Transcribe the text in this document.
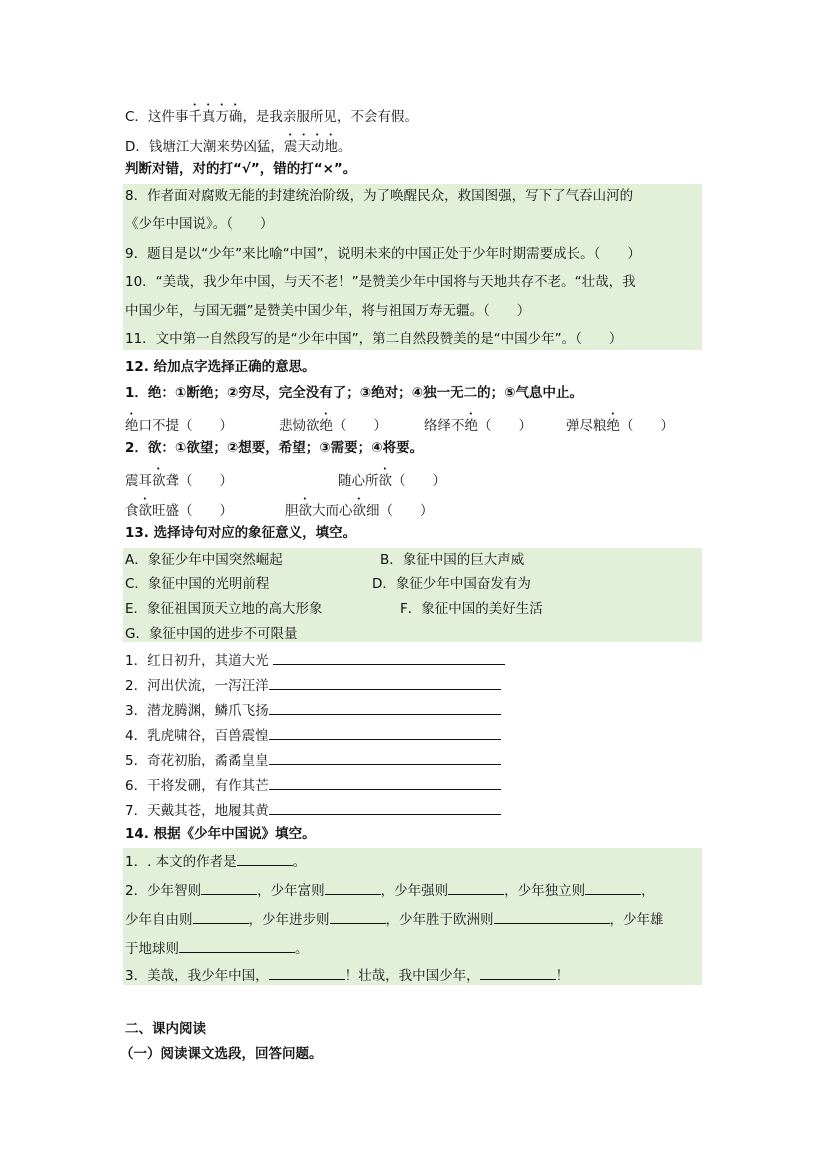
C．这件事千真万确，是我亲服所见，不会有假。
D．钱塘江大潮来势凶猛，震天动地。
判断对错，对的打“√”，错的打“×”。
8．作者面对腐败无能的封建统治阶级，为了唤醒民众，救国图强，写下了气吞山河的
《少年中国说》。（　　）
9．题目是以“少年”来比喻“中国”，说明未来的中国正处于少年时期需要成长。（　　）
10．“美哉，我少年中国，与天不老！”是赞美少年中国将与天地共存不老。“壮哉，我
中国少年，与国无疆”是赞美中国少年，将与祖国万寿无疆。（　　）
11．文中第一自然段写的是“少年中国”，第二自然段赞美的是“中国少年”。（　　）
12. 给加点字选择正确的意思。
1．绝：①断绝；②穷尽，完全没有了；③绝对；④独一无二的；⑤气息中止。
绝口不提（　　）	悲恸欲绝（　　）	络绎不绝（　　）	弹尽粮绝（　　）
2．欲：①欲望；②想要，希望；③需要；④将要。
震耳欲聋（　　）	随心所欲（　　）
食欲旺盛（　　）	胆欲大而心欲细（　　）
13. 选择诗句对应的象征意义，填空。
A．象征少年中国突然崛起	B．象征中国的巨大声威
C．象征中国的光明前程	D．象征少年中国奋发有为
E．象征祖国顶天立地的高大形象	F．象征中国的美好生活
G．象征中国的进步不可限量
1．红日初升，其道大光
2．河出伏流，一泻汪洋
3．潜龙腾渊，鳞爪飞扬
4．乳虎啸谷，百兽震惶
5．奇花初胎，矞矞皇皇
6．干将发硎，有作其芒
7．天戴其苍，地履其黄
14. 根据《少年中国说》填空。
1．. 本文的作者是	。
2．少年智则	，少年富则	，少年强则	，少年独立则	，
少年自由则	，少年进步则	，少年胜于欧洲则	，少年雄
于地球则	。
3．美哉，我少年中国，	！壮哉，我中国少年，	！
二、课内阅读
（一）阅读课文选段，回答问题。
